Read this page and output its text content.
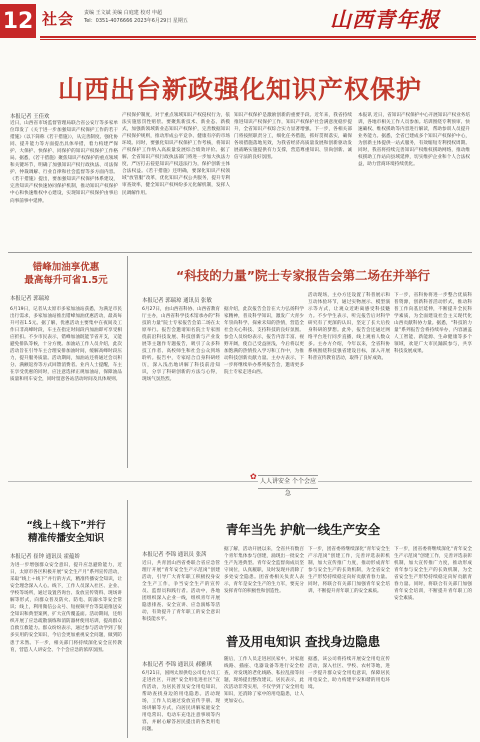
12 社会 责编 王文斌 美编 白庭建 校对 申超
Tel：0351-4076666 2023年6月29日 星期五	山西青年报
山西出台新政强化知识产权保护
本报记者 王佳欢
近日，山西省市场监督管理局联合省公安厅等多家单位印发了《关于进一步加强知识产权保护工作的若干措施》（以下简称《若干措施》），从完善制度、强化协同、提升能力等方面提出具体举措，着力构建严保护、大保护、快保护、同保护的知识产权保护工作格局。据悉，《若干措施》聚焦知识产权保护的重点领域和关键环节，明确了加强知识产权行政执法、司法保护、仲裁调解、行业自律和社会监督等多方面内容。《若干措施》提出，要加强知识产权保护体系建设，完善知识产权快速协同保护机制，推动知识产权保护中心和快速维权中心建设，实现知识产权保护由事后向事前事中延伸。
产权保护制度，对于重点领域知识产权侵权行为，依法实施惩罚性赔偿。要聚焦新技术、新业态、新模式，加强新领域新业态知识产权保护，完善数据知识产权保护规则，推动形成公平竞争、健康有序的市场环境。同时，要强化知识产权保护工作考核，将知识产权保护工作纳入高质量发展综合绩效评价。据了解，全省知识产权行政执法部门将进一步加大执法力度，严厉打击侵犯知识产权违法行为，保护创新主体合法权益。《若干措施》还明确，要深化知识产权领域“放管服”改革，优化知识产权公共服务，提升专利审查效率，健全知识产权纠纷多元化解机制，发挥人民调解作用。
知识产权保护是激励创新的重要手段。近年来，我省持续推进知识产权保护工作，知识产权保护社会满意度稳步提升，全省知识产权综合实力显著增强。下一步，各相关部门将按照职责分工，细化任务措施，抓好贯彻落实，确保各项措施落地见效，为我省经济高质量发展和创新驱动发展战略实施提供有力支撑，营造尊重知识、崇尚创新、诚信守法的良好氛围。
本报讯 近日，省知识产权保护中心开展知识产权业务培训，各地市相关工作人员参加。培训围绕专利预审、快速确权、维权援助等内容进行解读，帮助参训人员提升业务能力。据悉，全省已建成多个知识产权保护中心，为创新主体提供一站式服务，有效缩短专利授权周期。同时，我省将持续完善知识产权维权援助网络，推动维权援助工作站向县域延伸，切实维护企业和个人合法权益，助力营商环境持续优化。
错峰加油享优惠
最高每升可省1.5元
本报记者 郭瑞琼
6月19日，记者从太原市多家加油站获悉，为满足市民出行需求，多家加油站推出错峰加油优惠活动，最高每升可省1.5元。据了解，优惠活动主要集中在夜间及工作日非高峰时段，车主在指定时间段内加油即可享受相应折扣。不少市民表示，错峰加油既能节省开支，又能避免排队等候，十分方便。加油站工作人员介绍，此次活动旨在引导车主合理安排加油时间，缓解高峰时段压力，提升服务质量。活动期间，加油站还将通过会员积分、满额返券等方式回馈消费者。业内人士提醒，车主在享受优惠的同时，应注意选择正规加油站，保障油品质量和用车安全，同时留意各站活动时间及具体规则。
“科技的力量”院士专家报告会第二场在并举行
本报记者 郭瑞琼 通讯员 张敏
6月27日，由山西省科协、山西省教育厅主办，山西省科学技术馆承办的“科技的力量”院士专家报告会第二场在太原举行。报告会邀请知名院士专家围绕前沿科技发展、科技创新与产业发展等主题作专题报告，吸引了众多科技工作者、高校师生和社会公众到场聆听。报告中，专家结合自身科研经历，深入浅出地讲解了科技前沿知识，分享了科研创新的方法与心得，现场气氛热烈。
据介绍，此次报告会旨在大力弘扬科学家精神，普及科学知识，激发广大青少年崇尚科学、探索未知的热情，营造全社会关心科技、支持科技的良好氛围。参会人员纷纷表示，报告内容丰富、视野开阔，使自己受益匪浅，今后将以更加饱满的热情投入学习和工作中，为推动科技创新贡献力量。主办方表示，下一步将继续举办系列报告会，邀请更多院士专家走进山西。
活动现场，主办方还设置了科普展示和互动体验环节，通过实物展示、模型演示等方式，让观众近距离感受科技魅力。不少学生表示，听完报告后对科学研究有了更深的认识，坚定了长大后投身科研的梦想。此外，报告会还通过网络平台进行同步直播，线上观看人数众多。主办方介绍，今年以来，全省科协系统围绕科技强省建设目标，深入开展科普宣传教育活动，取得了良好成效。
下一步，省科协将进一步整合优质科普资源，创新科普活动形式，推动科普工作向基层延伸，不断提升全民科学素质，为全面建设社会主义现代化山西贡献科协力量。据悉，“科技的力量”系列报告会将持续举办，内容涵盖人工智能、新能源、生命健康等多个领域，欢迎广大市民踊跃参与，共享科技发展成果。
人人讲安全 个个会应急
✿
“线上＋线下”并行
精准传播安全知识
本报记者 崔钟 通讯员 霍蕴娇
为进一步增强群众安全意识，提升应急避险能力，近日，太原市各区积极开展“安全生产月”系列宣传活动，采取“线上＋线下”并行的方式，精准传播安全知识，让安全理念深入人心。线下，工作人员深入社区、企业、学校等场所，通过设置咨询台、发放宣传资料、现场讲解等形式，向群众普及防火、防电、防溺水等安全常识；线上，利用微信公众号、短视频平台等渠道推送安全知识和典型案例，扩大宣传覆盖面。活动期间，还组织开展了应急疏散演练和消防器材使用培训，提高群众自救互救能力。群众纷纷表示，通过参与活动学到了很多实用的安全知识，今后会更加重视安全问题，做到防患于未然。下一步，相关部门将持续深化安全宣传教育，营造人人讲安全、个个会应急的浓厚氛围。
青年当先 护航一线生产安全
本报记者 李锦 通讯员 张茜
近日，共青团山西省委联合省应急管理厅开展“青年安全生产示范岗”创建活动，引导广大青年职工积极投身安全生产工作，争当安全生产的宣传员、监督员和践行者。活动中，各地团组织深入企业一线，组织青年开展隐患排查、安全宣讲、应急演练等活动，有效提升了青年职工的安全意识和技能水平。
据了解，活动开展以来，全省共有数百个青年集体参与创建，涌现出一批安全生产先进典型。青年安全监督岗成员坚守岗位，认真履职，及时发现并消除了多处安全隐患。团省委相关负责人表示，青年是安全生产的生力军，要充分发挥青年的积极性和创造性。
下一步，团省委将继续深化“青年安全生产示范岗”创建工作，完善评选表彰机制，加大宣传推广力度，推动形成青年参与安全生产的长效机制，为全省安全生产形势持续稳定向好贡献青春力量。同时，将联合有关部门加强青年安全培训，不断提升青年职工的安全素质。
普及用电知识 查找身边隐患
本报记者 李锦 通讯员 郝雅琪
6月21日，国网太原供电公司电力员工走进社区，开展“安全用电进社区”宣传活动，为居民普及安全用电知识，帮助查找身边的用电隐患。活动现场，工作人员通过发放宣传手册、现场讲解等方式，向居民讲解家庭安全用电常识、电动车充电注意事项等内容，并耐心解答居民提出的各类用电问题。
随后，工作人员走进居民家中，对家庭线路、插座、电器设备等进行安全检查，对发现的老化线路、私拉乱接等问题，现场提出整改建议。居民表示，此次活动非常实用，不仅学到了安全用电知识，还消除了家中的用电隐患，让人更加安心。
据悉，该公司将持续开展安全用电宣传活动，深入社区、学校、农村等地，进一步提升群众安全用电意识，保障居民用电安全，助力构建平安和谐的用电环境。
下一步，团省委将继续深化“青年安全生产示范岗”创建工作，完善评选表彰机制，加大宣传推广力度，推动形成青年参与安全生产的长效机制，为全省安全生产形势持续稳定向好贡献青春力量。同时，将联合有关部门加强青年安全培训，不断提升青年职工的安全素质。
